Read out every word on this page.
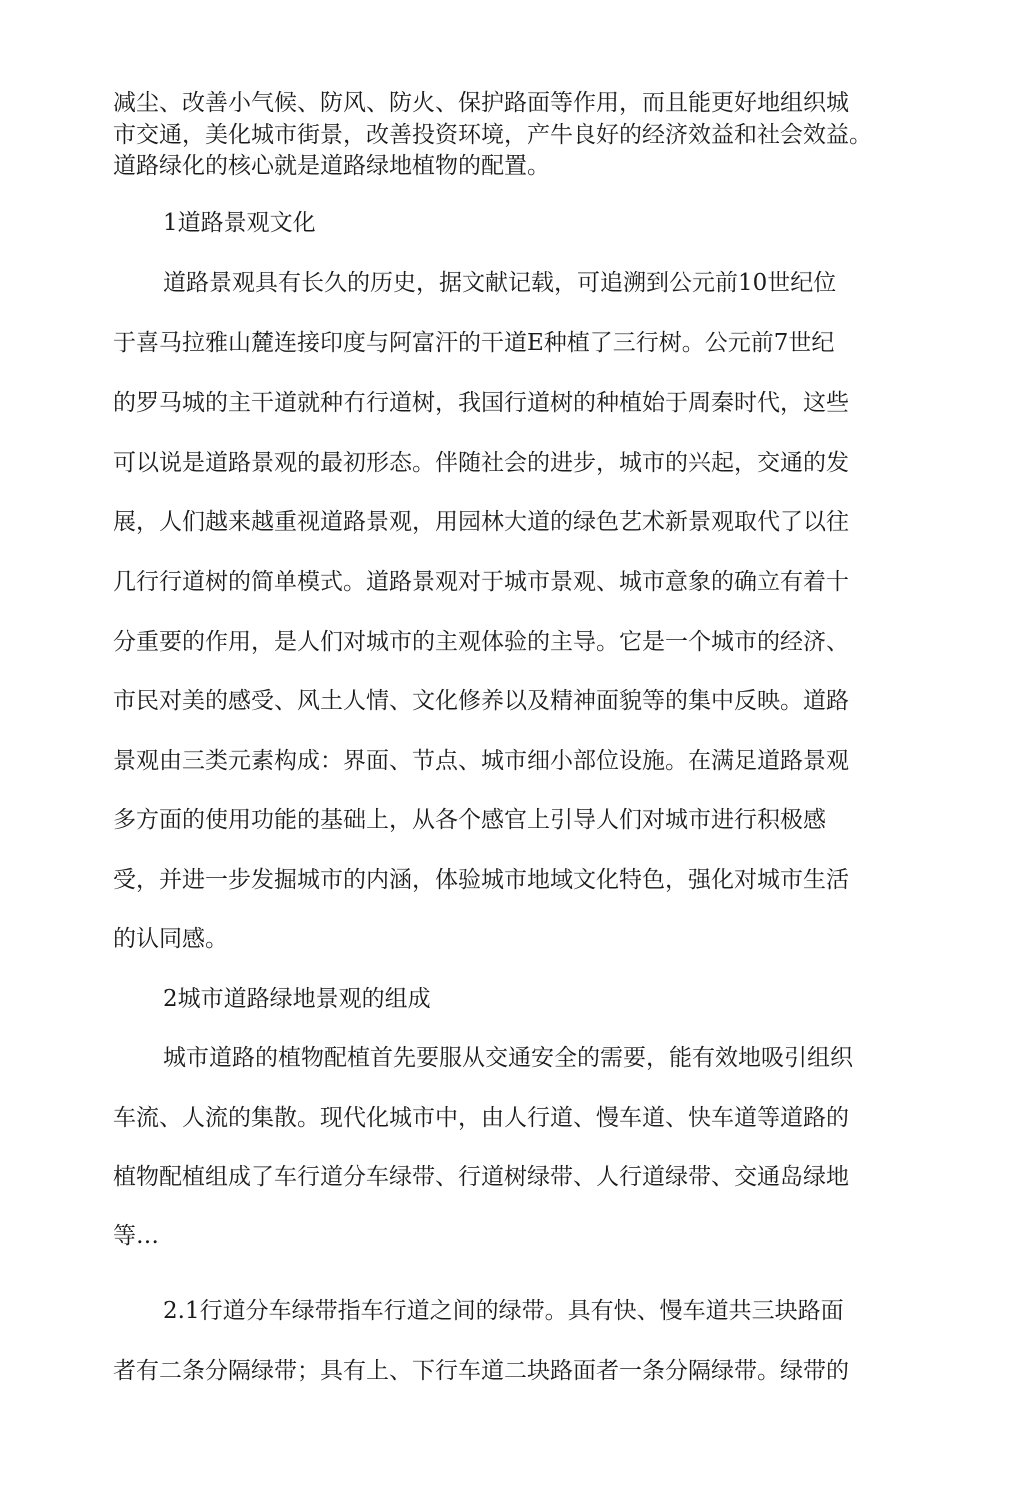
减尘、改善小气候、防风、防火、保护路面等作用，而且能更好地组织城
市交通，美化城市街景，改善投资环境，产牛良好的经济效益和社会效益。
道路绿化的核心就是道路绿地植物的配置。
1道路景观文化
道路景观具有长久的历史，据文献记载，可追溯到公元前10世纪位
于喜马拉雅山麓连接印度与阿富汗的干道E种植了三行树。公元前7世纪
的罗马城的主干道就种冇行道树，我国行道树的种植始于周秦时代，这些
可以说是道路景观的最初形态。伴随社会的进步，城市的兴起，交通的发
展，人们越来越重视道路景观，用园林大道的绿色艺术新景观取代了以往
几行行道树的简单模式。道路景观对于城市景观、城市意象的确立有着十
分重要的作用，是人们对城市的主观体验的主导。它是一个城市的经济、
市民对美的感受、风土人情、文化修养以及精神面貌等的集中反映。道路
景观由三类元素构成：界面、节点、城市细小部位设施。在满足道路景观
多方面的使用功能的基础上，从各个感官上引导人们对城市进行积极感
受，并进一步发掘城市的内涵，体验城市地域文化特色，强化对城市生活
的认同感。
2城市道路绿地景观的组成
城市道路的植物配植首先要服从交通安全的需要，能有效地吸引组织
车流、人流的集散。现代化城市中，由人行道、慢车道、快车道等道路的
植物配植组成了车行道分车绿带、行道树绿带、人行道绿带、交通岛绿地
等…
2.1行道分车绿带指车行道之间的绿带。具有快、慢车道共三块路面
者有二条分隔绿带；具有上、下行车道二块路面者一条分隔绿带。绿带的
